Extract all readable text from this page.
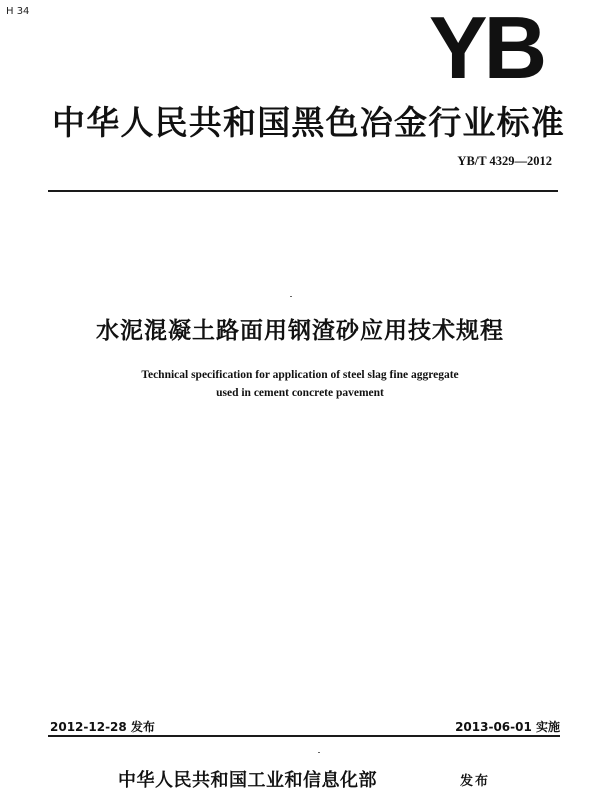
H 34	YB
中华人民共和国黑色冶金行业标准
YB/T 4329—2012
水泥混凝土路面用钢渣砂应用技术规程
Technical specification for application of steel slag fine aggregate
used in cement concrete pavement
2012-12-28 发布	2013-06-01 实施
中华人民共和国工业和信息化部	发布
